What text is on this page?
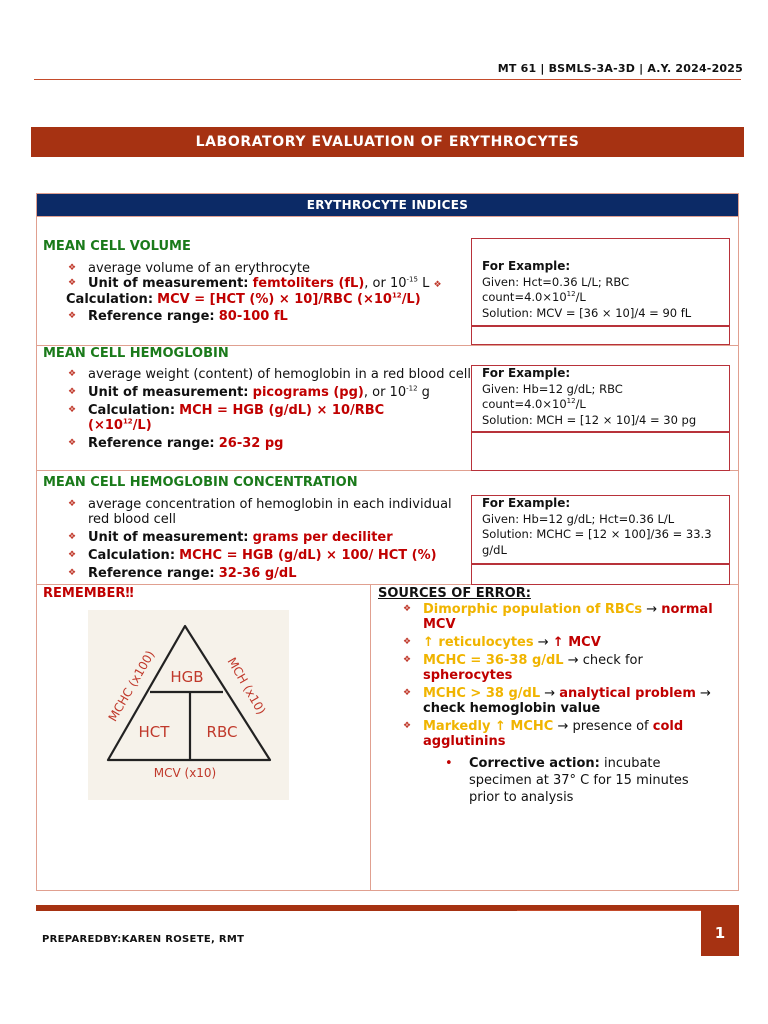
MT 61 | BSMLS-3A-3D | A.Y. 2024-2025
LABORATORY EVALUATION OF ERYTHROCYTES
ERYTHROCYTE INDICES
MEAN CELL VOLUME
❖ average volume of an erythrocyte
❖ Unit of measurement: femtoliters (fL), or $10^{-15}$ L ❖
Calculation: MCV = [HCT (%) × 10]/RBC $(\times 10^{12}/L)$
❖ Reference range: 80-100 fL
For Example:
Given: Hct=0.36 L/L; RBC
$count=4.0\times 10^{12}/L$
Solution: MCV = [36 × 10]/4 = 90 fL
MEAN CELL HEMOGLOBIN
❖ average weight (content) of hemoglobin in a red blood cell
❖ Unit of measurement: picograms (pg), or $10^{-12}$ g
❖ Calculation: MCH = HGB (g/dL) × 10/RBC
$(\times 10^{12}/L)$
❖ Reference range: 26-32 pg
For Example:
Given: Hb=12 g/dL; RBC
$count=4.0\times 10^{12}/L$
Solution: MCH = [12 × 10]/4 = 30 pg
MEAN CELL HEMOGLOBIN CONCENTRATION
❖ average concentration of hemoglobin in each individual red blood cell
❖ Unit of measurement: grams per deciliter
❖ Calculation: MCHC = HGB (g/dL) × 100/ HCT (%)
❖ Reference range: 32-36 g/dL
For Example:
Given: Hb=12 g/dL; Hct=0.36 L/L
Solution: MCHC = [12 × 100]/36 = 33.3
g/dL
REMEMBER‼
HGB
HCT RBC
MCHC (x100)	MCH (x10)
MCV (x10)
SOURCES OF ERROR:
❖ Dimorphic population of RBCs → normal MCV
❖ ↑ reticulocytes → ↑ MCV
❖ MCHC = 36-38 g/dL → check for spherocytes
❖ MCHC > 38 g/dL → analytical problem → check hemoglobin value
❖ Markedly ↑ MCHC → presence of cold agglutinins
•	Corrective action: incubate specimen at 37° C for 15 minutes prior to analysis
PREPAREDBY:KAREN ROSETE, RMT	1
